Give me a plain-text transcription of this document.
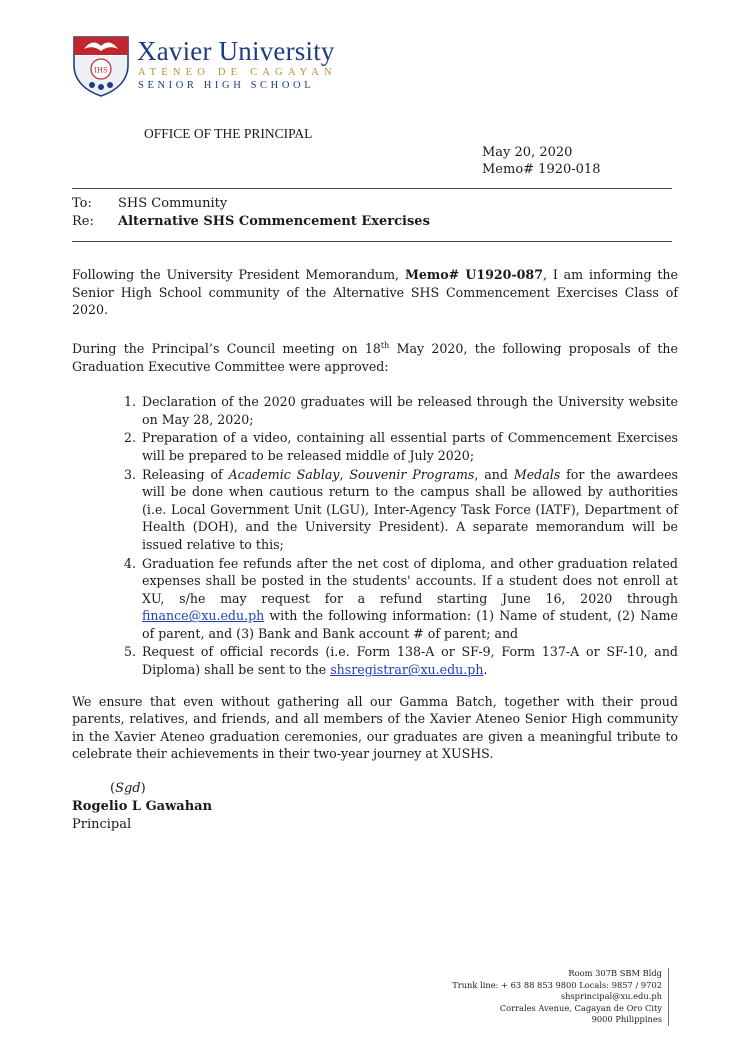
IHS
Xavier University
ATENEO DE CAGAYAN
SENIOR HIGH SCHOOL
OFFICE OF THE PRINCIPAL
May 20, 2020
Memo# 1920-018
To: SHS Community
Re: Alternative SHS Commencement Exercises

Following the University President Memorandum, Memo# U1920-087, I am informing the Senior High School community of the Alternative SHS Commencement Exercises Class of 2020.

During the Principal’s Council meeting on 18th May 2020, the following proposals of the Graduation Executive Committee were approved:

1. Declaration of the 2020 graduates will be released through the University website on May 28, 2020;
2. Preparation of a video, containing all essential parts of Commencement Exercises will be prepared to be released middle of July 2020;
3. Releasing of Academic Sablay, Souvenir Programs, and Medals for the awardees will be done when cautious return to the campus shall be allowed by authorities (i.e. Local Government Unit (LGU), Inter-Agency Task Force (IATF), Department of Health (DOH), and the University President). A separate memorandum will be issued relative to this;
4. Graduation fee refunds after the net cost of diploma, and other graduation related expenses shall be posted in the students' accounts. If a student does not enroll at XU, s/he may request for a refund starting June 16, 2020 through finance@xu.edu.ph with the following information: (1) Name of student, (2) Name of parent, and (3) Bank and Bank account # of parent; and
5. Request of official records (i.e. Form 138-A or SF-9, Form 137-A or SF-10, and Diploma) shall be sent to the shsregistrar@xu.edu.ph.

We ensure that even without gathering all our Gamma Batch, together with their proud parents, relatives, and friends, and all members of the Xavier Ateneo Senior High community in the Xavier Ateneo graduation ceremonies, our graduates are given a meaningful tribute to celebrate their achievements in their two-year journey at XUSHS.

(Sgd)
Rogelio L Gawahan
Principal
Room 307B SBM Bldg
Trunk line: + 63 88 853 9800 Locals: 9857 / 9702
shsprincipal@xu.edu.ph
Corrales Avenue, Cagayan de Oro City
9000 Philippines
